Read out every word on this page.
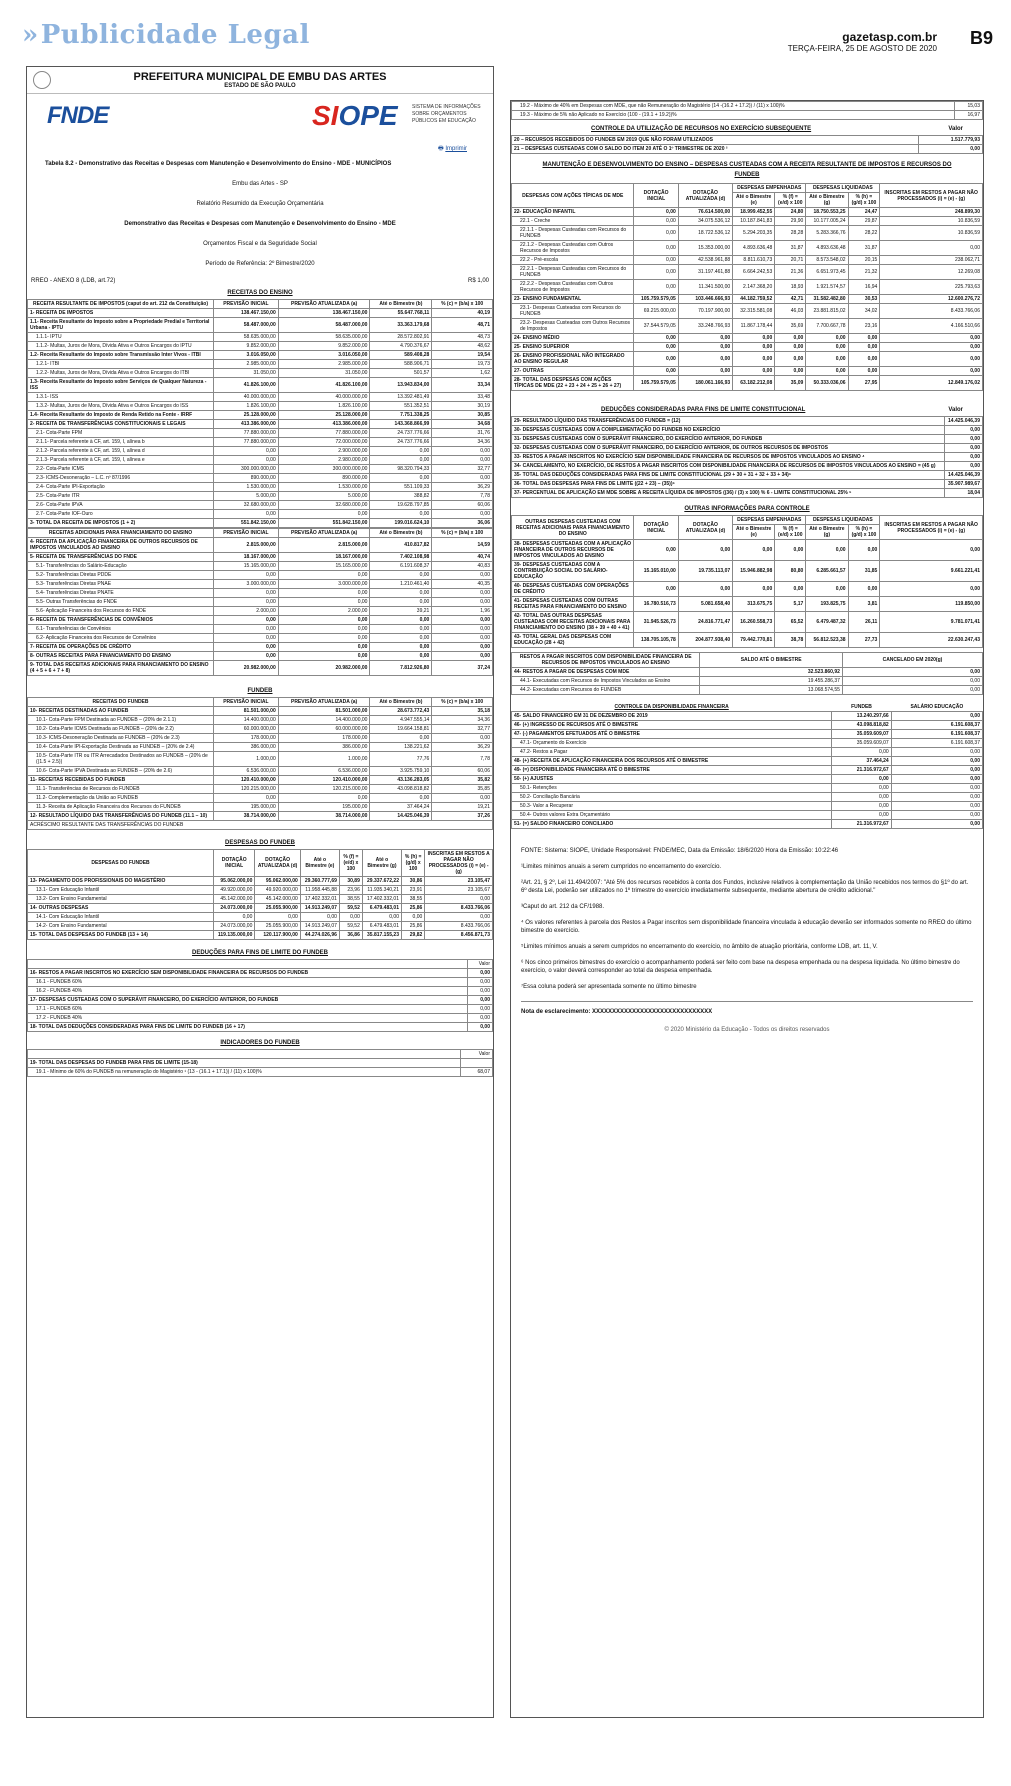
»Publicidade Legal	gazetasp.com.br
TERÇA-FEIRA, 25 DE AGOSTO DE 2020
B9
PREFEITURA MUNICIPAL DE EMBU DAS ARTES
ESTADO DE SÃO PAULO
FNDE	SIOPE	SISTEMA DE INFORMAÇÕES SOBRE ORÇAMENTOS PÚBLICOS EM EDUCAÇÃO
🖶 Imprimir

Tabela 8.2 - Demonstrativo das Receitas e Despesas com Manutenção e Desenvolvimento do Ensino - MDE - MUNICÍPIOS

Embu das Artes - SP

Relatório Resumido da Execução Orçamentária

Demonstrativo das Receitas e Despesas com Manutenção e Desenvolvimento do Ensino - MDE

Orçamentos Fiscal e da Seguridade Social

Período de Referência: 2º Bimestre/2020

RREO - ANEXO 8 (LDB, art.72)	R$ 1,00
RECEITAS DO ENSINO
RECEITA RESULTANTE DE IMPOSTOS (caput do art. 212 da Constituição)	PREVISÃO INICIAL	PREVISÃO ATUALIZADA (a)	Até o Bimestre (b)	% (c) = (b/a) x 100
1- RECEITA DE IMPOSTOS	138.467.150,00	138.467.150,00	55.647.768,11	40,19
1.1- Receita Resultante do Imposto sobre a Propriedade Predial e Territorial Urbana - IPTU	58.487.000,00	58.487.000,00	33.363.179,68	48,71
1.1.1- IPTU	58.635.000,00	58.635.000,00	28.572.802,91	48,73
1.1.2- Multas, Juros de Mora, Dívida Ativa e Outros Encargos do IPTU	9.852.000,00	9.852.000,00	4.790.376,67	48,62
1.2- Receita Resultante do Imposto sobre Transmissão Inter Vivos - ITBI	3.016.050,00	3.016.050,00	589.408,28	19,54
1.2.1- ITBI	2.985.000,00	2.985.000,00	588.906,71	19,73
1.2.2- Multas, Juros de Mora, Dívida Ativa e Outros Encargos do ITBI	31.050,00	31.050,00	501,57	1,62
1.3- Receita Resultante do Imposto sobre Serviços de Qualquer Natureza - ISS	41.826.100,00	41.826.100,00	13.943.834,00	33,34
1.3.1- ISS	40.000.000,00	40.000.000,00	13.392.481,49	33,48
1.3.2- Multas, Juros de Mora, Dívida Ativa e Outros Encargos do ISS	1.826.100,00	1.826.100,00	551.352,51	30,19
1.4- Receita Resultante do Imposto de Renda Retido na Fonte - IRRF	25.128.000,00	25.128.000,00	7.751.338,25	30,85
2- RECEITA DE TRANSFERÊNCIAS CONSTITUCIONAIS E LEGAIS	413.386.000,00	413.386.000,00	143.368.866,99	34,68
2.1- Cota-Parte FPM	77.880.000,00	77.880.000,00	24.737.776,66	31,76
2.1.1- Parcela referente à CF, art. 159, I, alínea b	77.880.000,00	72.000.000,00	24.737.776,66	34,36
2.1.2- Parcela referente à CF, art. 159, I, alínea d	0,00	2.900.000,00	0,00	0,00
2.1.3- Parcela referente à CF, art. 159, I, alínea e	0,00	2.980.000,00	0,00	0,00
2.2- Cota-Parte ICMS	300.000.000,00	300.000.000,00	98.320.794,33	32,77
2.3- ICMS-Desoneração – L.C. nº 87/1996	890.000,00	890.000,00	0,00	0,00
2.4- Cota-Parte IPI-Exportação	1.530.000,00	1.530.000,00	551.109,33	36,29
2.5- Cota-Parte ITR	5.000,00	5.000,00	388,82	7,78
2.6- Cota-Parte IPVA	32.680.000,00	32.680.000,00	19.628.797,85	60,06
2.7- Cota-Parte IOF-Ouro	0,00	0,00	0,00	0,00
3- TOTAL DA RECEITA DE IMPOSTOS (1 + 2)	551.842.150,00	551.842.150,00	199.016.624,10	36,06
RECEITAS ADICIONAIS PARA FINANCIAMENTO DO ENSINO	PREVISÃO INICIAL	PREVISÃO ATUALIZADA (a)	Até o Bimestre (b)	% (c) = (b/a) x 100
4- RECEITA DA APLICAÇÃO FINANCEIRA DE OUTROS RECURSOS DE IMPOSTOS VINCULADOS AO ENSINO	2.815.000,00	2.815.000,00	410.817,82	14,59
5- RECEITA DE TRANSFERÊNCIAS DO FNDE	18.167.000,00	18.167.000,00	7.402.108,98	40,74
5.1- Transferências do Salário-Educação	15.165.000,00	15.165.000,00	6.191.608,37	40,83
5.2- Transferências Diretas PDDE	0,00	0,00	0,00	0,00
5.3- Transferências Diretas PNAE	3.000.000,00	3.000.000,00	1.210.461,40	40,35
5.4- Transferências Diretas PNATE	0,00	0,00	0,00	0,00
5.5- Outras Transferências do FNDE	0,00	0,00	0,00	0,00
5.6- Aplicação Financeira dos Recursos do FNDE	2.000,00	2.000,00	39,21	1,96
6- RECEITA DE TRANSFERÊNCIAS DE CONVÊNIOS	0,00	0,00	0,00	0,00
6.1- Transferências de Convênios	0,00	0,00	0,00	0,00
6.2- Aplicação Financeira dos Recursos de Convênios	0,00	0,00	0,00	0,00
7- RECEITA DE OPERAÇÕES DE CRÉDITO	0,00	0,00	0,00	0,00
8- OUTRAS RECEITAS PARA FINANCIAMENTO DO ENSINO	0,00	0,00	0,00	0,00
9- TOTAL DAS RECEITAS ADICIONAIS PARA FINANCIAMENTO DO ENSINO (4 + 5 + 6 + 7 + 8)	20.982.000,00	20.982.000,00	7.812.926,80	37,24
FUNDEB
RECEITAS DO FUNDEB	PREVISÃO INICIAL	PREVISÃO ATUALIZADA (a)	Até o Bimestre (b)	% (c) = (b/a) x 100
10- RECEITAS DESTINADAS AO FUNDEB	81.501.000,00	81.501.000,00	28.673.772,43	35,18
10.1- Cota-Parte FPM Destinada ao FUNDEB – (20% de 2.1.1)	14.400.000,00	14.400.000,00	4.947.555,14	34,36
10.2- Cota-Parte ICMS Destinada ao FUNDEB – (20% de 2.2)	60.000.000,00	60.000.000,00	19.664.158,81	32,77
10.3- ICMS-Desoneração Destinada ao FUNDEB – (20% de 2.3)	178.000,00	178.000,00	0,00	0,00
10.4- Cota-Parte IPI-Exportação Destinada ao FUNDEB – (20% de 2.4)	386.000,00	386.000,00	138.221,62	36,29
10.5- Cota-Parte ITR ou ITR Arrecadados Destinados ao FUNDEB – (20% de ((1.5 + 2.5))	1.000,00	1.000,00	77,76	7,78
10.6- Cota-Parte IPVA Destinada ao FUNDEB – (20% de 2.6)	6.536.000,00	6.536.000,00	3.925.759,10	60,06
11- RECEITAS RECEBIDAS DO FUNDEB	120.410.000,00	120.410.000,00	43.136.283,05	35,82
11.1- Transferências de Recursos do FUNDEB	120.215.000,00	120.215.000,00	43.098.818,82	35,85
11.2- Complementação da União ao FUNDEB	0,00	0,00	0,00	0,00
11.3- Receita de Aplicação Financeira dos Recursos do FUNDEB	195.000,00	195.000,00	37.464,24	19,21
12- RESULTADO LÍQUIDO DAS TRANSFERÊNCIAS DO FUNDEB (11.1 – 10)	38.714.000,00	38.714.000,00	14.425.046,39	37,26
ACRÉSCIMO RESULTANTE DAS TRANSFERÊNCIAS DO FUNDEB
DESPESAS DO FUNDEB
DESPESAS DO FUNDEB	DOTAÇÃO INICIAL	DOTAÇÃO ATUALIZADA (d)	Até o Bimestre (e)	% (f) = (e/d) x 100	Até o Bimestre (g)	% (h) = (g/d) x 100	INSCRITAS EM RESTOS A PAGAR NÃO PROCESSADOS (i) = (e) - (g)
13- PAGAMENTO DOS PROFISSIONAIS DO MAGISTÉRIO	95.062.000,00	95.062.000,00	29.360.777,69	30,89	29.337.672,22	30,86	23.105,47
13.1- Com Educação Infantil	49.920.000,00	49.920.000,00	11.958.445,88	23,96	11.935.340,21	23,91	23.105,67
13.2- Com Ensino Fundamental	45.142.000,00	45.142.000,00	17.402.332,01	38,55	17.402.332,01	38,55	0,00
14- OUTRAS DESPESAS	24.073.000,00	25.055.900,00	14.913.249,07	59,52	6.479.483,01	25,86	8.433.766,06
14.1- Com Educação Infantil	0,00	0,00	0,00	0,00	0,00	0,00	0,00
14.2- Com Ensino Fundamental	24.073.000,00	25.055.900,00	14.913.249,07	59,52	6.479.483,01	25,86	8.433.766,06
15- TOTAL DAS DESPESAS DO FUNDEB (13 + 14)	119.135.000,00	120.117.900,00	44.274.026,96	36,86	35.817.155,23	29,82	8.456.871,73
DEDUÇÕES PARA FINS DE LIMITE DO FUNDEB
	Valor
16- RESTOS A PAGAR INSCRITOS NO EXERCÍCIO SEM DISPONIBILIDADE FINANCEIRA DE RECURSOS DO FUNDEB	0,00
16.1 - FUNDEB 60%	0,00
16.2 - FUNDEB 40%	0,00
17- DESPESAS CUSTEADAS COM O SUPERÁVIT FINANCEIRO, DO EXERCÍCIO ANTERIOR, DO FUNDEB	0,00
17.1 - FUNDEB 60%	0,00
17.2 - FUNDEB 40%	0,00
18- TOTAL DAS DEDUÇÕES CONSIDERADAS PARA FINS DE LIMITE DO FUNDEB (16 + 17)	0,00
INDICADORES DO FUNDEB
	Valor
19- TOTAL DAS DESPESAS DO FUNDEB PARA FINS DE LIMITE (15-18)	
19.1 - Mínimo de 60% do FUNDEB na remuneração do Magistério ¹ (13 - (16.1 + 17.1)) / (11) x 100)%	68,07
19.2 - Máximo de 40% em Despesas com MDE, que não Remuneração do Magistério (14 -(16.2 + 17.2)) / (11) x 100)%	15,03
19.3 - Máximo de 5% não Aplicado no Exercício (100 - (19.1 + 19.2))%	16,97
CONTROLE DA UTILIZAÇÃO DE RECURSOS NO EXERCÍCIO SUBSEQUENTE	Valor
20 – RECURSOS RECEBIDOS DO FUNDEB EM 2019 QUE NÃO FORAM UTILIZADOS	1.517.779,93
21 – DESPESAS CUSTEADAS COM O SALDO DO ITEM 20 ATÉ O 1º TRIMESTRE DE 2020 ²	0,00
MANUTENÇÃO E DESENVOLVIMENTO DO ENSINO – DESPESAS CUSTEADAS COM A RECEITA RESULTANTE DE IMPOSTOS E RECURSOS DO FUNDEB
DESPESAS COM AÇÕES TÍPICAS DE MDE	DOTAÇÃO INICIAL	DOTAÇÃO ATUALIZADA (d)	DESPESAS EMPENHADAS		DESPESAS LIQUIDADAS		INSCRITAS EM RESTOS A PAGAR NÃO PROCESSADOS (i) = (e) - (g)
			Até o Bimestre (e)	% (f) = (e/d) x 100	Até o Bimestre (g)	% (h) = (g/d) x 100	
22- EDUCAÇÃO INFANTIL	0,00	76.614.500,00	18.999.452,55	24,80	18.750.553,25	24,47	248.899,30
22.1 - Creche	0,00	34.075.536,12	10.187.841,83	29,90	10.177.005,24	29,87	10.836,59
22.1.1 - Despesas Custeadas com Recursos do FUNDEB	0,00	18.722.536,12	5.294.203,35	28,28	5.283.366,76	28,22	10.836,59
22.1.2 - Despesas Custeadas com Outros Recursos de Impostos	0,00	15.353.000,00	4.893.636,48	31,87	4.893.636,48	31,87	0,00
22.2 - Pré-escola	0,00	42.538.961,88	8.811.610,73	20,71	8.573.548,02	20,15	238.062,71
22.2.1 - Despesas Custeadas com Recursos do FUNDEB	0,00	31.197.461,88	6.664.242,53	21,36	6.651.973,45	21,32	12.269,08
22.2.2 - Despesas Custeadas com Outros Recursos de Impostos	0,00	11.341.500,00	2.147.368,20	18,93	1.921.574,57	16,94	225.793,63
23- ENSINO FUNDAMENTAL	105.759.579,05	103.446.666,93	44.182.759,52	42,71	31.582.482,80	30,53	12.600.276,72
23.1- Despesas Custeadas com Recursos do FUNDEB	69.215.000,00	70.197.900,00	32.315.581,08	46,03	23.881.815,02	34,02	8.433.766,06
23.2- Despesas Custeadas com Outros Recursos de Impostos	37.544.579,05	33.248.766,93	11.867.178,44	35,69	7.700.667,78	23,16	4.166.510,66
24- ENSINO MÉDIO	0,00	0,00	0,00	0,00	0,00	0,00	0,00
25- ENSINO SUPERIOR	0,00	0,00	0,00	0,00	0,00	0,00	0,00
26- ENSINO PROFISSIONAL NÃO INTEGRADO AO ENSINO REGULAR	0,00	0,00	0,00	0,00	0,00	0,00	0,00
27- OUTRAS	0,00	0,00	0,00	0,00	0,00	0,00	0,00
28- TOTAL DAS DESPESAS COM AÇÕES TÍPICAS DE MDE (22 + 23 + 24 + 25 + 26 + 27)	105.759.579,05	180.061.166,93	63.182.212,08	35,09	50.333.036,06	27,95	12.849.176,02
DEDUÇÕES CONSIDERADAS PARA FINS DE LIMITE CONSTITUCIONAL	Valor
29- RESULTADO LÍQUIDO DAS TRANSFERÊNCIAS DO FUNDEB = (12)	14.425.046,39
30- DESPESAS CUSTEADAS COM A COMPLEMENTAÇÃO DO FUNDEB NO EXERCÍCIO	0,00
31- DESPESAS CUSTEADAS COM O SUPERÁVIT FINANCEIRO, DO EXERCÍCIO ANTERIOR, DO FUNDEB	0,00
32- DESPESAS CUSTEADAS COM O SUPERÁVIT FINANCEIRO, DO EXERCÍCIO ANTERIOR, DE OUTROS RECURSOS DE IMPOSTOS	0,00
33- RESTOS A PAGAR INSCRITOS NO EXERCÍCIO SEM DISPONIBILIDADE FINANCEIRA DE RECURSOS DE IMPOSTOS VINCULADOS AO ENSINO ⁴	0,00
34- CANCELAMENTO, NO EXERCÍCIO, DE RESTOS A PAGAR INSCRITOS COM DISPONIBILIDADE FINANCEIRA DE RECURSOS DE IMPOSTOS VINCULADOS AO ENSINO = (45 g)	0,00
35- TOTAL DAS DEDUÇÕES CONSIDERADAS PARA FINS DE LIMITE CONSTITUCIONAL (29 + 30 + 31 + 32 + 33 + 34)⁶	14.425.046,39
36- TOTAL DAS DESPESAS PARA FINS DE LIMITE ((22 + 23) – (35))⁶	35.907.989,67
37- PERCENTUAL DE APLICAÇÃO EM MDE SOBRE A RECEITA LÍQUIDA DE IMPOSTOS ((36) / (3) x 100) % 6 - LIMITE CONSTITUCIONAL 25% ⁶	18,04
OUTRAS INFORMAÇÕES PARA CONTROLE
OUTRAS DESPESAS CUSTEADAS COM RECEITAS ADICIONAIS PARA FINANCIAMENTO DO ENSINO	DOTAÇÃO INICIAL	DOTAÇÃO ATUALIZADA (d)	DESPESAS EMPENHADAS		DESPESAS LIQUIDADAS		INSCRITAS EM RESTOS A PAGAR NÃO PROCESSADOS (i) = (e) - (g)
			Até o Bimestre (e)	% (f) = (e/d) x 100	Até o Bimestre (g)	% (h) = (g/d) x 100	
38- DESPESAS CUSTEADAS COM A APLICAÇÃO FINANCEIRA DE OUTROS RECURSOS DE IMPOSTOS VINCULADOS AO ENSINO	0,00	0,00	0,00	0,00	0,00	0,00	0,00
39- DESPESAS CUSTEADAS COM A CONTRIBUIÇÃO SOCIAL DO SALÁRIO-EDUCAÇÃO	15.165.010,00	19.735.113,07	15.946.882,98	80,80	6.285.661,57	31,85	9.661.221,41
40- DESPESAS CUSTEADAS COM OPERAÇÕES DE CRÉDITO	0,00	0,00	0,00	0,00	0,00	0,00	0,00
41- DESPESAS CUSTEADAS COM OUTRAS RECEITAS PARA FINANCIAMENTO DO ENSINO	16.780.516,73	5.081.658,40	313.675,75	5,17	193.825,75	3,81	119.850,00
42- TOTAL DAS OUTRAS DESPESAS CUSTEADAS COM RECEITAS ADICIONAIS PARA FINANCIAMENTO DO ENSINO (38 + 39 + 40 + 41)	31.945.526,73	24.816.771,47	16.260.558,73	65,52	6.479.487,32	26,11	9.781.071,41
43- TOTAL GERAL DAS DESPESAS COM EDUCAÇÃO (28 + 42)	138.705.105,78	204.877.938,40	79.442.770,81	38,78	56.812.523,38	27,73	22.630.247,43
RESTOS A PAGAR INSCRITOS COM DISPONIBILIDADE FINANCEIRA DE RECURSOS DE IMPOSTOS VINCULADOS AO ENSINO	SALDO ATÉ O BIMESTRE	CANCELADO EM 2020(g)
44- RESTOS A PAGAR DE DESPESAS COM MDE	32.523.860,92	0,00
44.1- Executadas com Recursos de Impostos Vinculados ao Ensino	19.455.286,37	0,00
44.2- Executadas com Recursos do FUNDEB	13.068.574,55	0,00
CONTROLE DA DISPONIBILIDADE FINANCEIRA	FUNDEB	SALÁRIO EDUCAÇÃO
45- SALDO FINANCEIRO EM 31 DE DEZEMBRO DE 2019	13.240.297,66	0,00
46- (+) INGRESSO DE RECURSOS ATÉ O BIMESTRE	43.098.818,82	6.191.608,37
47- (-) PAGAMENTOS EFETUADOS ATÉ O BIMESTRE	35.059.609,07	6.191.608,37
47.1- Orçamento do Exercício	35.059.609,07	6.191.608,37
47.2- Restos a Pagar	0,00	0,00
48- (+) RECEITA DE APLICAÇÃO FINANCEIRA DOS RECURSOS ATÉ O BIMESTRE	37.464,24	0,00
49- (=) DISPONIBILIDADE FINANCEIRA ATÉ O BIMESTRE	21.316.972,67	0,00
50- (+) AJUSTES	0,00	0,00
50.1- Retenções	0,00	0,00
50.2- Conciliação Bancária	0,00	0,00
50.3- Valor a Recuperar	0,00	0,00
50.4- Outros valores Extra Orçamentário	0,00	0,00
51- (=) SALDO FINANCEIRO CONCILIADO	21.316.972,67	0,00

FONTE: Sistema: SIOPE, Unidade Responsável: FNDE/MEC, Data da Emissão: 18/6/2020 Hora da Emissão: 10:22:46

¹Limites mínimos anuais a serem cumpridos no encerramento do exercício.

²Art. 21, § 2º, Lei 11.494/2007: "Até 5% dos recursos recebidos à conta dos Fundos, inclusive relativos à complementação da União recebidos nos termos do §1º do art. 6º desta Lei, poderão ser utilizados no 1º trimestre do exercício imediatamente subsequente, mediante abertura de crédito adicional."

³Caput do art. 212 da CF/1988.

⁴ Os valores referentes à parcela dos Restos a Pagar inscritos sem disponibilidade financeira vinculada à educação deverão ser informados somente no RREO do último bimestre do exercício.

⁵Limites mínimos anuais a serem cumpridos no encerramento do exercício, no âmbito de atuação prioritária, conforme LDB, art. 11, V.

⁶ Nos cinco primeiros bimestres do exercício o acompanhamento poderá ser feito com base na despesa empenhada ou na despesa liquidada. No último bimestre do exercício, o valor deverá corresponder ao total da despesa empenhada.

⁷Essa coluna poderá ser apresentada somente no último bimestre

Nota de esclarecimento: XXXXXXXXXXXXXXXXXXXXXXXXXXXXXX

© 2020 Ministério da Educação - Todos os direitos reservados
